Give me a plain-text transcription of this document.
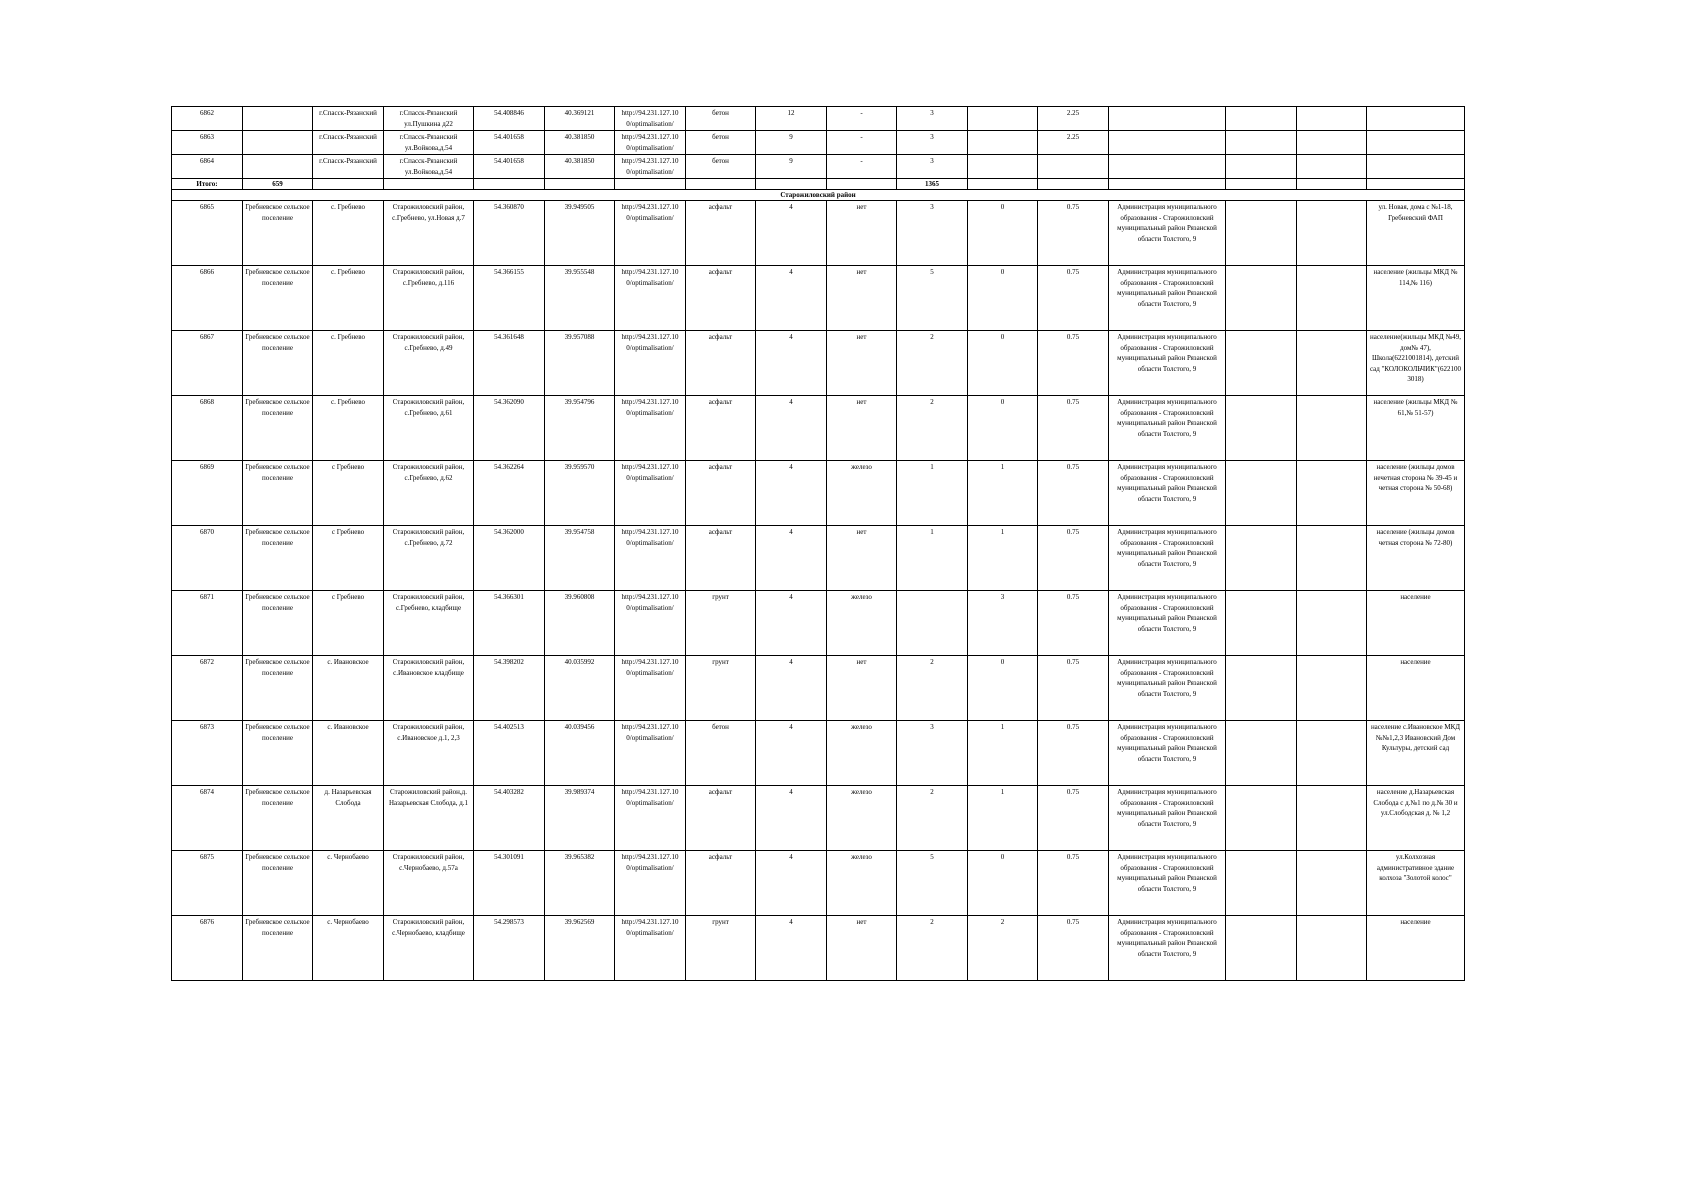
6862		г.Спасск-Рязанский	г.Спасск-Рязанский ул.Пушкина д22	54.408846	40.369121	http://94.231.127.10 0/optimalisation/	бетон	12	-	3		2.25				
6863		г.Спасск-Рязанский	г.Спасск-Рязанский ул.Войкова,д.54	54.401658	40.381850	http://94.231.127.10 0/optimalisation/	бетон	9	-	3		2.25				
6864		г.Спасск-Рязанский	г.Спасск-Рязанский ул.Войкова,д.54	54.401658	40.381850	http://94.231.127.10 0/optimalisation/	бетон	9	-	3						
Итого:	659									1365						
Старожиловский район																
6865	Гребневское сельское поселение	с. Гребнево	Старожиловский район, с.Гребнево, ул.Новая д.7	54.360870	39.949505	http://94.231.127.10 0/optimalisation/	асфальт	4	нет	3	0	0.75	Администрация муниципального образования - Старожиловский муниципальный район Рязанской области Толстого, 9			ул. Новая, дома с №1-18, Гребневский ФАП
6866	Гребневское сельское поселение	с. Гребнево	Старожиловский район, с.Гребнево, д.116	54.366155	39.955548	http://94.231.127.10 0/optimalisation/	асфальт	4	нет	5	0	0.75	Администрация муниципального образования - Старожиловский муниципальный район Рязанской области Толстого, 9			население (жильцы МКД № 114,№ 116)
6867	Гребневское сельское поселение	с. Гребнево	Старожиловский район, с.Гребнево, д.49	54.361648	39.957088	http://94.231.127.10 0/optimalisation/	асфальт	4	нет	2	0	0.75	Администрация муниципального образования - Старожиловский муниципальный район Рязанской области Толстого, 9			население(жильцы МКД №49, дом№ 47), Школа(6221001814), детский сад "КОЛОКОЛЬЧИК"(622100 3018)
6868	Гребневское сельское поселение	с. Гребнево	Старожиловский район, с.Гребнево, д.61	54.362090	39.954796	http://94.231.127.10 0/optimalisation/	асфальт	4	нет	2	0	0.75	Администрация муниципального образования - Старожиловский муниципальный район Рязанской области Толстого, 9			население (жильцы МКД № 61,№ 51-57)
6869	Гребневское сельское поселение	с Гребнево	Старожиловский район, с.Гребнево, д.62	54.362264	39.959570	http://94.231.127.10 0/optimalisation/	асфальт	4	железо	1	1	0.75	Администрация муниципального образования - Старожиловский муниципальный район Рязанской области Толстого, 9			население (жильцы домов нечетная сторона № 39-45 и четная сторона № 50-68)
6870	Гребневское сельское поселение	с Гребнево	Старожиловский район, с.Гребнево, д.72	54.362000	39.954758	http://94.231.127.10 0/optimalisation/	асфальт	4	нет	1	1	0.75	Администрация муниципального образования - Старожиловский муниципальный район Рязанской области Толстого, 9			население (жильцы домов четная сторона № 72-80)
6871	Гребневское сельское поселение	с Гребнево	Старожиловский район, с.Гребнево, кладбище	54.366301	39.960808	http://94.231.127.10 0/optimalisation/	грунт	4	железо		3	0.75	Администрация муниципального образования - Старожиловский муниципальный район Рязанской области Толстого, 9			население
6872	Гребневское сельское поселение	с. Ивановское	Старожиловский район, с.Ивановское кладбище	54.398202	40.035992	http://94.231.127.10 0/optimalisation/	грунт	4	нет	2	0	0.75	Администрация муниципального образования - Старожиловский муниципальный район Рязанской области Толстого, 9			население
6873	Гребневское сельское поселение	с. Ивановское	Старожиловский район, с.Ивановское д.1, 2,3	54.402513	40.039456	http://94.231.127.10 0/optimalisation/	бетон	4	железо	3	1	0.75	Администрация муниципального образования - Старожиловский муниципальный район Рязанской области Толстого, 9			население с.Ивановское МКД №№1,2,3 Ивановский Дом Культуры, детский сад
6874	Гребневское сельское поселение	д. Назарьевская Слобода	Старожиловский район,д. Назарьевская Слобода, д.1	54.403282	39.989374	http://94.231.127.10 0/optimalisation/	асфальт	4	железо	2	1	0.75	Администрация муниципального образования - Старожиловский муниципальный район Рязанской области Толстого, 9			население д.Назарьевская Слобода с д.№1 по д.№ 30 и ул.Слободская д. № 1,2
6875	Гребневское сельское поселение	с. Чернобаево	Старожиловский район, с.Чернобаево, д.57а	54.301091	39.965382	http://94.231.127.10 0/optimalisation/	асфальт	4	железо	5	0	0.75	Администрация муниципального образования - Старожиловский муниципальный район Рязанской области Толстого, 9			ул.Колхозная административное здание колхоза "Золотой колос"
6876	Гребневское сельское поселение	с. Чернобаево	Старожиловский район, с.Чернобаево, кладбище	54.298573	39.962569	http://94.231.127.10 0/optimalisation/	грунт	4	нет	2	2	0.75	Администрация муниципального образования - Старожиловский муниципальный район Рязанской области Толстого, 9			население
